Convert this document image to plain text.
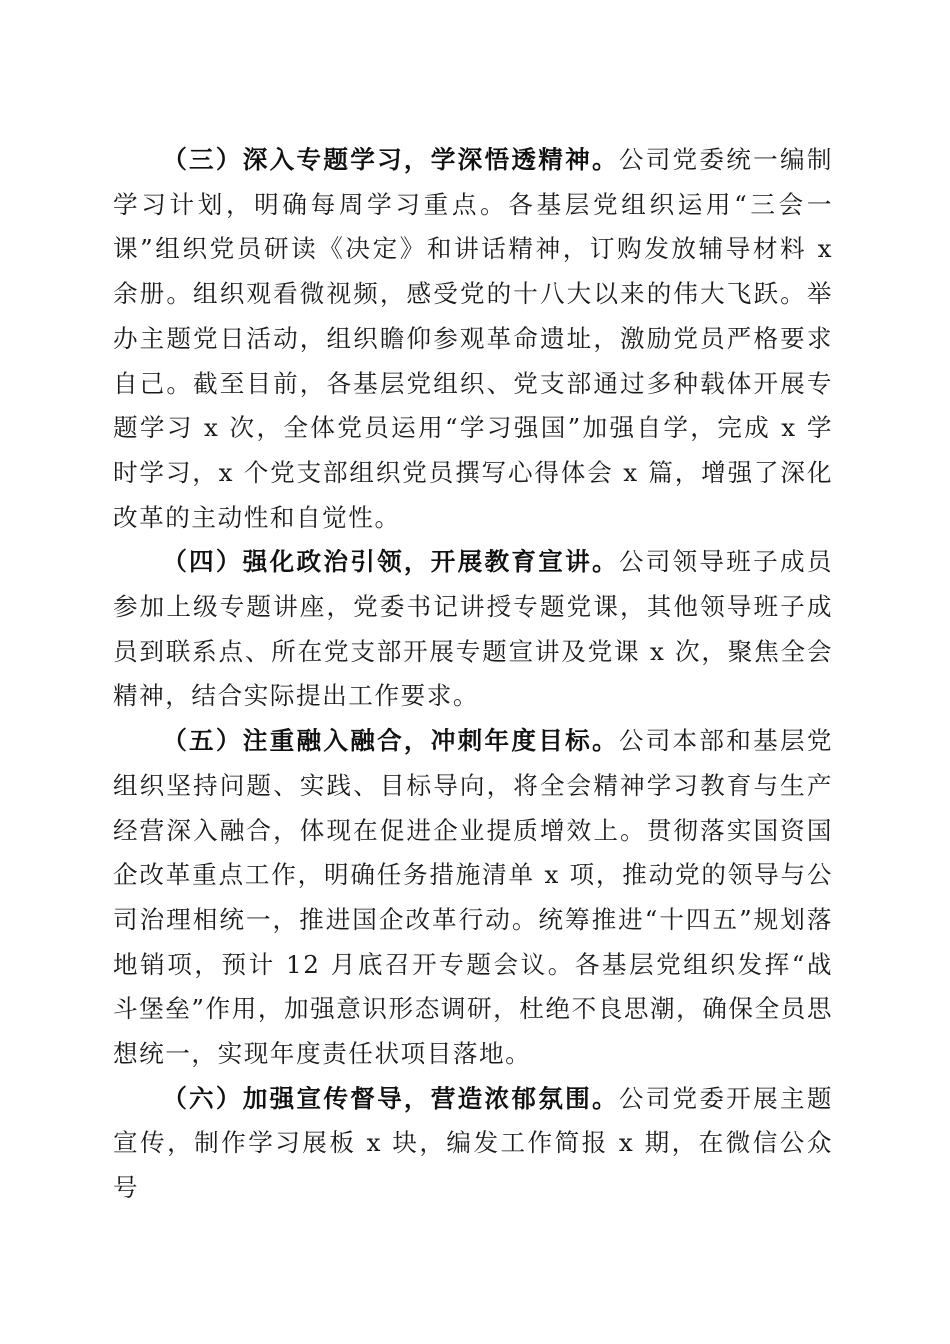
（三）深入专题学习，学深悟透精神。公司党委统一编制学习计划，明确每周学习重点。各基层党组织运用“三会一课”组织党员研读《决定》和讲话精神，订购发放辅导材料 x 余册。组织观看微视频，感受党的十八大以来的伟大飞跃。举办主题党日活动，组织瞻仰参观革命遗址，激励党员严格要求自己。截至目前，各基层党组织、党支部通过多种载体开展专题学习 x 次，全体党员运用“学习强国”加强自学，完成 x 学时学习，x 个党支部组织党员撰写心得体会 x 篇，增强了深化改革的主动性和自觉性。

（四）强化政治引领，开展教育宣讲。公司领导班子成员参加上级专题讲座，党委书记讲授专题党课，其他领导班子成员到联系点、所在党支部开展专题宣讲及党课 x 次，聚焦全会精神，结合实际提出工作要求。

（五）注重融入融合，冲刺年度目标。公司本部和基层党组织坚持问题、实践、目标导向，将全会精神学习教育与生产经营深入融合，体现在促进企业提质增效上。贯彻落实国资国企改革重点工作，明确任务措施清单 x 项，推动党的领导与公司治理相统一，推进国企改革行动。统筹推进“十四五”规划落地销项，预计 12 月底召开专题会议。各基层党组织发挥“战斗堡垒”作用，加强意识形态调研，杜绝不良思潮，确保全员思想统一，实现年度责任状项目落地。

（六）加强宣传督导，营造浓郁氛围。公司党委开展主题宣传，制作学习展板 x 块，编发工作简报 x 期，在微信公众号
